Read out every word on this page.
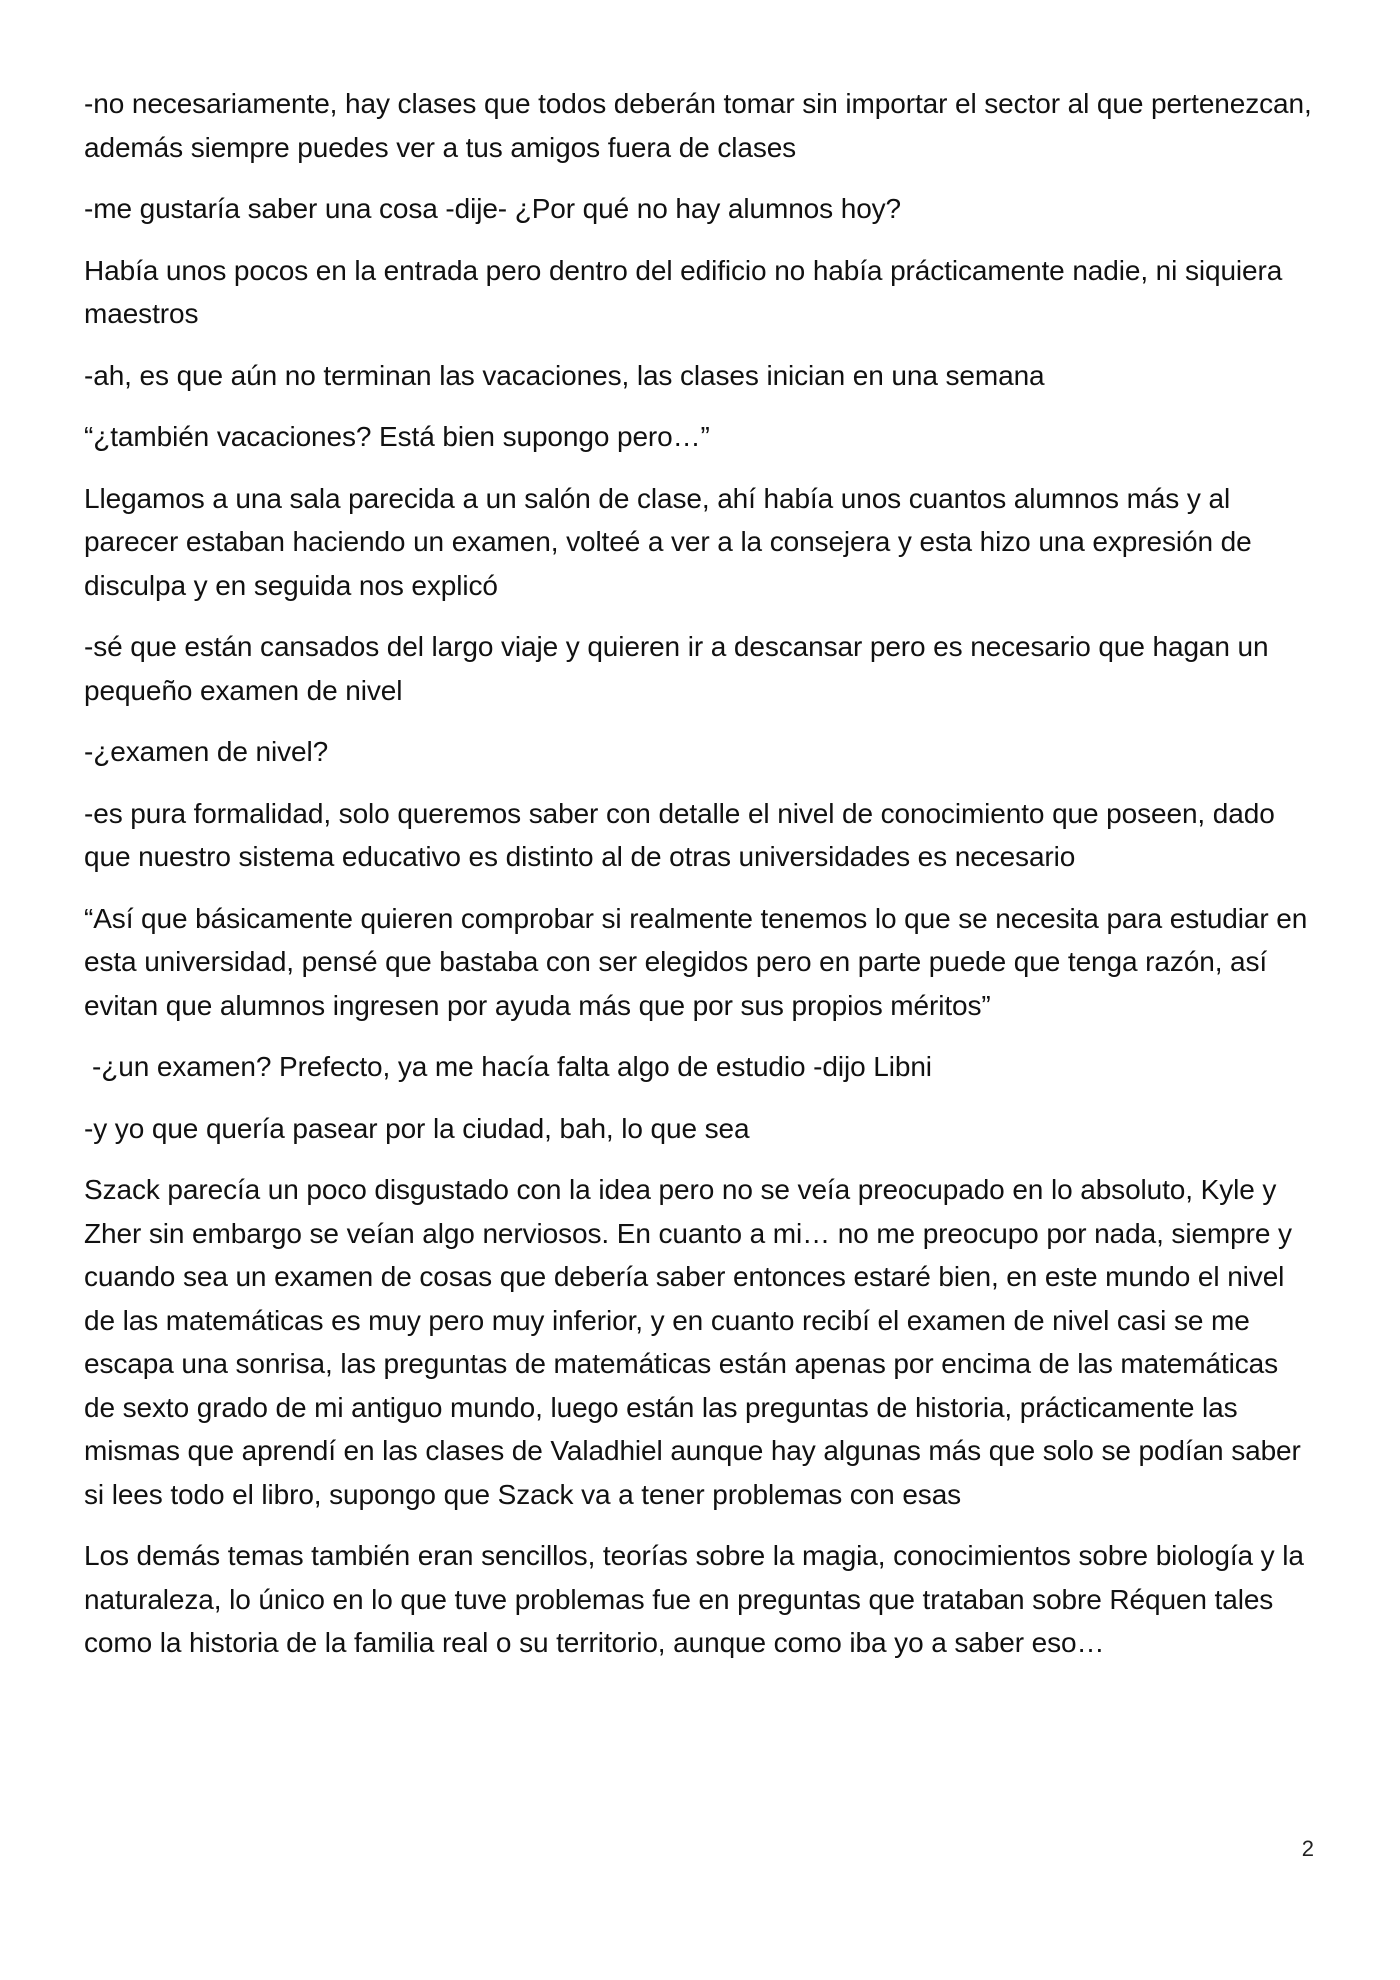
-no necesariamente, hay clases que todos deberán tomar sin importar el sector al que pertenezcan, además siempre puedes ver a tus amigos fuera de clases

-me gustaría saber una cosa -dije- ¿Por qué no hay alumnos hoy?

Había unos pocos en la entrada pero dentro del edificio no había prácticamente nadie, ni siquiera maestros

-ah, es que aún no terminan las vacaciones, las clases inician en una semana

“¿también vacaciones? Está bien supongo pero…”

Llegamos a una sala parecida a un salón de clase, ahí había unos cuantos alumnos más y al parecer estaban haciendo un examen, volteé a ver a la consejera y esta hizo una expresión de disculpa y en seguida nos explicó

-sé que están cansados del largo viaje y quieren ir a descansar pero es necesario que hagan un pequeño examen de nivel

-¿examen de nivel?

-es pura formalidad, solo queremos saber con detalle el nivel de conocimiento que poseen, dado que nuestro sistema educativo es distinto al de otras universidades es necesario

“Así que básicamente quieren comprobar si realmente tenemos lo que se necesita para estudiar en esta universidad, pensé que bastaba con ser elegidos pero en parte puede que tenga razón, así evitan que alumnos ingresen por ayuda más que por sus propios méritos”

-¿un examen? Prefecto, ya me hacía falta algo de estudio -dijo Libni

-y yo que quería pasear por la ciudad, bah, lo que sea

Szack parecía un poco disgustado con la idea pero no se veía preocupado en lo absoluto, Kyle y Zher sin embargo se veían algo nerviosos. En cuanto a mi… no me preocupo por nada, siempre y cuando sea un examen de cosas que debería saber entonces estaré bien, en este mundo el nivel de las matemáticas es muy pero muy inferior, y en cuanto recibí el examen de nivel casi se me escapa una sonrisa, las preguntas de matemáticas están apenas por encima de las matemáticas de sexto grado de mi antiguo mundo, luego están las preguntas de historia, prácticamente las mismas que aprendí en las clases de Valadhiel aunque hay algunas más que solo se podían saber si lees todo el libro, supongo que Szack va a tener problemas con esas

Los demás temas también eran sencillos, teorías sobre la magia, conocimientos sobre biología y la naturaleza, lo único en lo que tuve problemas fue en preguntas que trataban sobre Réquen tales como la historia de la familia real o su territorio, aunque como iba yo a saber eso…

2
